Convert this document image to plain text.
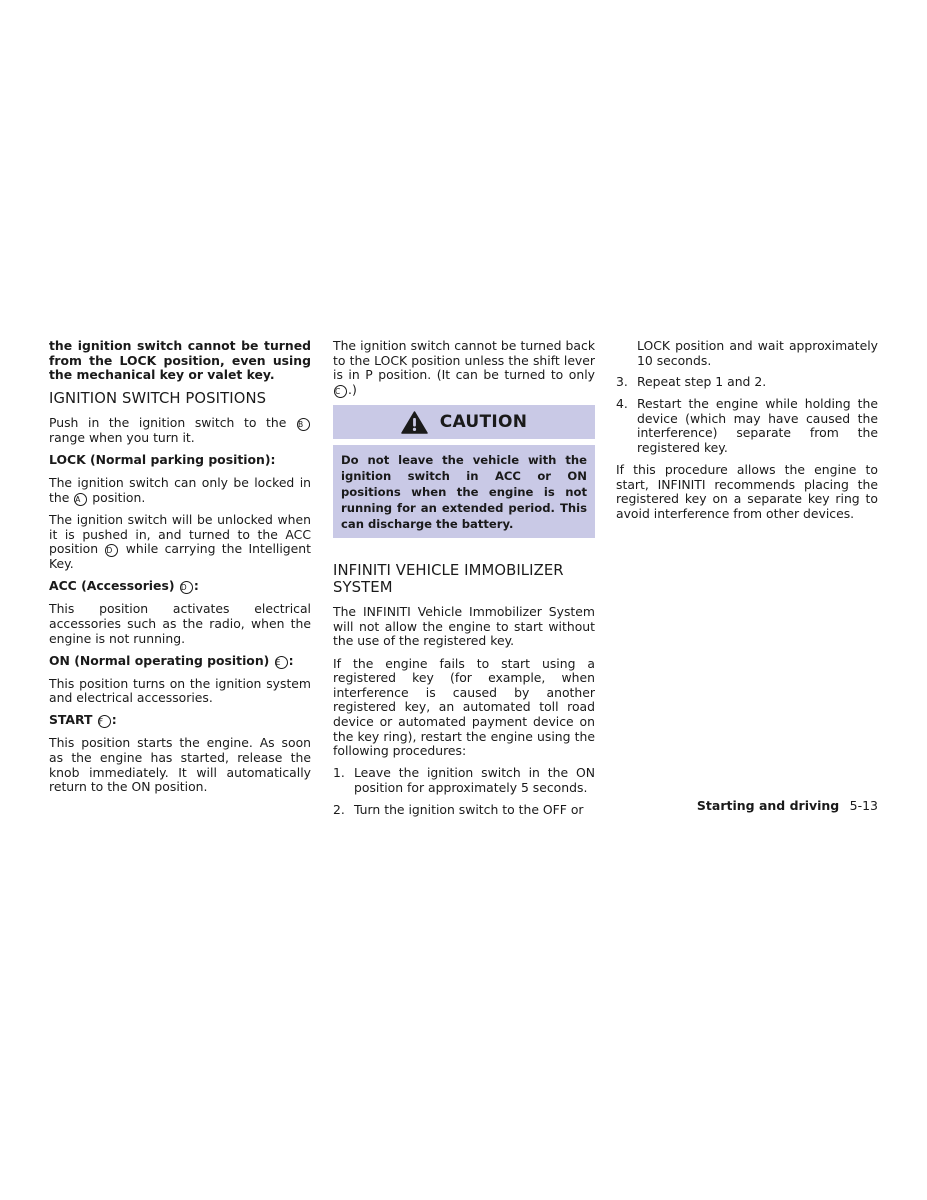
the ignition switch cannot be turned from the LOCK position, even using the mechanical key or valet key.

IGNITION SWITCH POSITIONS

Push in the ignition switch to the B range when you turn it.

LOCK (Normal parking position):

The ignition switch can only be locked in the A position.

The ignition switch will be unlocked when it is pushed in, and turned to the ACC position D while carrying the Intelligent Key.

ACC (Accessories) D :

This position activates electrical accessories such as the radio, when the engine is not running.

ON (Normal operating position) E :

This position turns on the ignition system and electrical accessories.

START F :

This position starts the engine. As soon as the engine has started, release the knob immediately. It will automatically return to the ON position.

The ignition switch cannot be turned back to the LOCK position unless the shift lever is in P position. (It can be turned to only C .)

CAUTION

Do not leave the vehicle with the ignition switch in ACC or ON positions when the engine is not running for an extended period. This can discharge the battery.

INFINITI VEHICLE IMMOBILIZER SYSTEM

The INFINITI Vehicle Immobilizer System will not allow the engine to start without the use of the registered key.

If the engine fails to start using a registered key (for example, when interference is caused by another registered key, an automated toll road device or automated payment device on the key ring), restart the engine using the following procedures:

1. Leave the ignition switch in the ON position for approximately 5 seconds.
2. Turn the ignition switch to the OFF or

LOCK position and wait approximately 10 seconds.

3. Repeat step 1 and 2.
4. Restart the engine while holding the device (which may have caused the interference) separate from the registered key.

If this procedure allows the engine to start, INFINITI recommends placing the registered key on a separate key ring to avoid interference from other devices.

Starting and driving 5-13
